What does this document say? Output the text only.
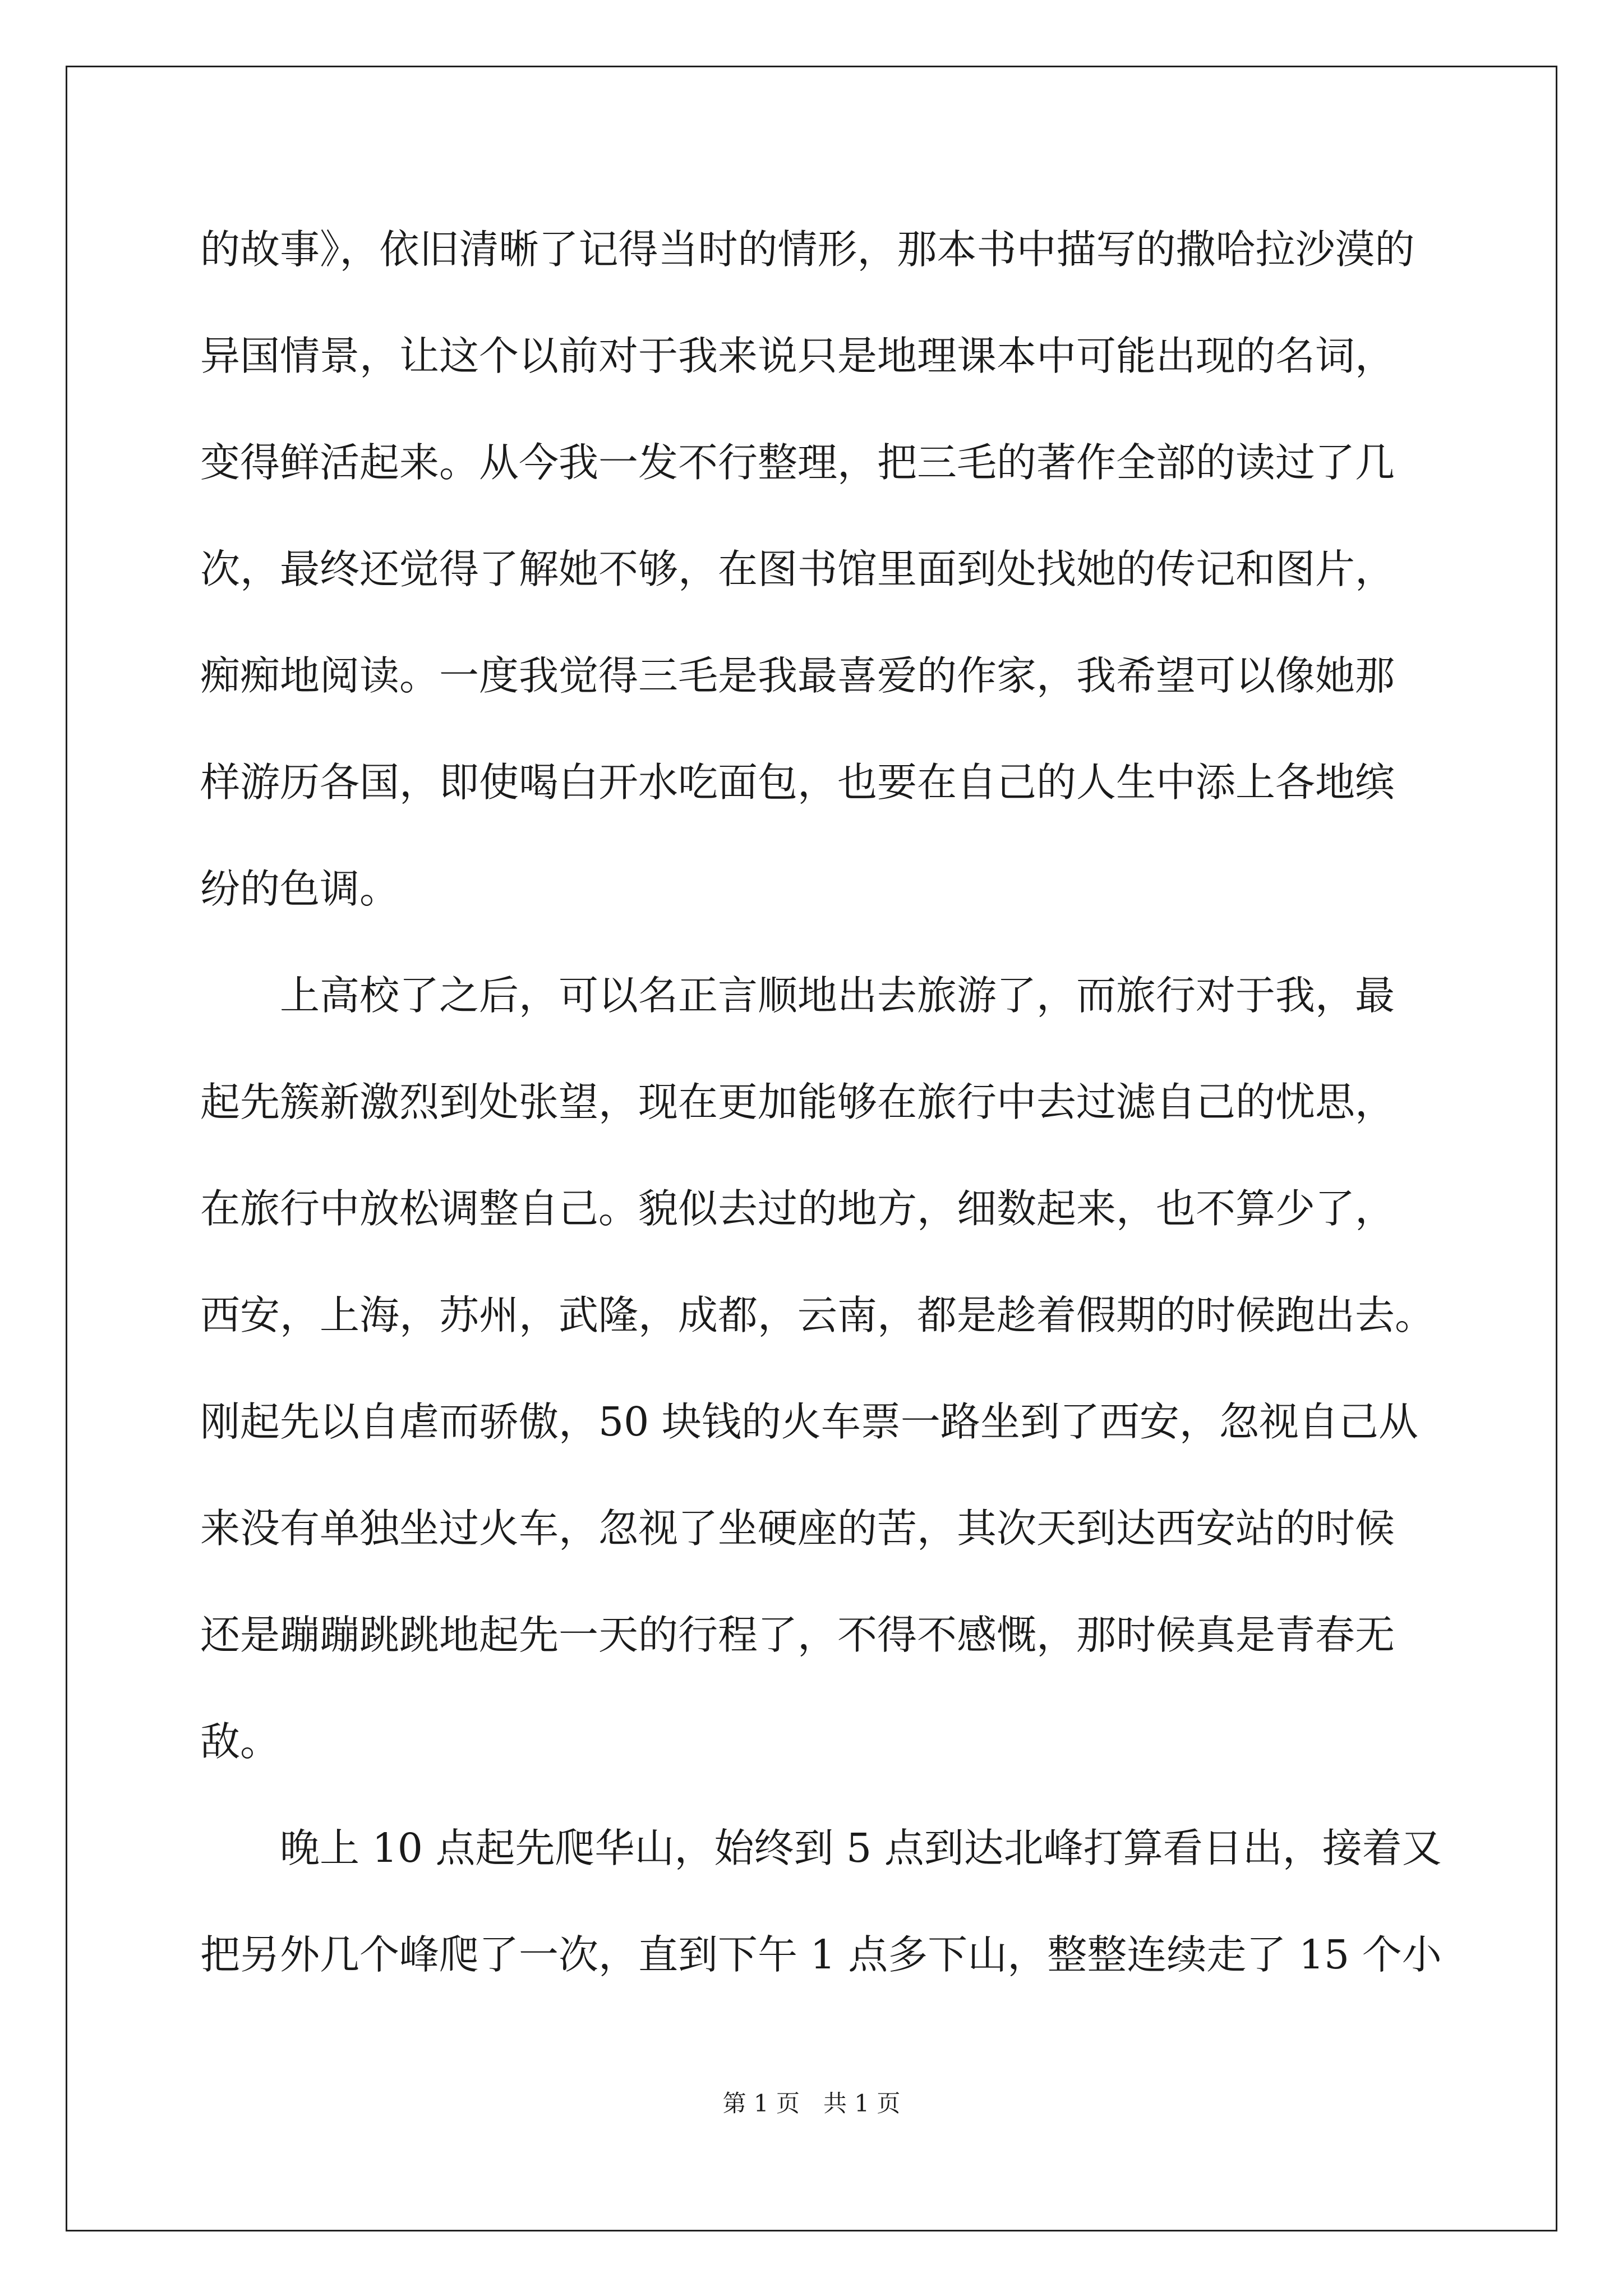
的故事》，依旧清晰了记得当时的情形，那本书中描写的撒哈拉沙漠的
异国情景，让这个以前对于我来说只是地理课本中可能出现的名词，
变得鲜活起来。从今我一发不行整理，把三毛的著作全部的读过了几
次，最终还觉得了解她不够，在图书馆里面到处找她的传记和图片，
痴痴地阅读。一度我觉得三毛是我最喜爱的作家，我希望可以像她那
样游历各国，即使喝白开水吃面包，也要在自己的人生中添上各地缤
纷的色调。
　　上高校了之后，可以名正言顺地出去旅游了，而旅行对于我，最
起先簇新激烈到处张望，现在更加能够在旅行中去过滤自己的忧思，
在旅行中放松调整自己。貌似去过的地方，细数起来，也不算少了，
西安，上海，苏州，武隆，成都，云南，都是趁着假期的时候跑出去。
刚起先以自虐而骄傲，50 块钱的火车票一路坐到了西安，忽视自己从
来没有单独坐过火车，忽视了坐硬座的苦，其次天到达西安站的时候
还是蹦蹦跳跳地起先一天的行程了，不得不感慨，那时候真是青春无
敌。
　　晚上 10 点起先爬华山，始终到 5 点到达北峰打算看日出，接着又
把另外几个峰爬了一次，直到下午 1 点多下山，整整连续走了 15 个小
第 1 页　共 1 页
